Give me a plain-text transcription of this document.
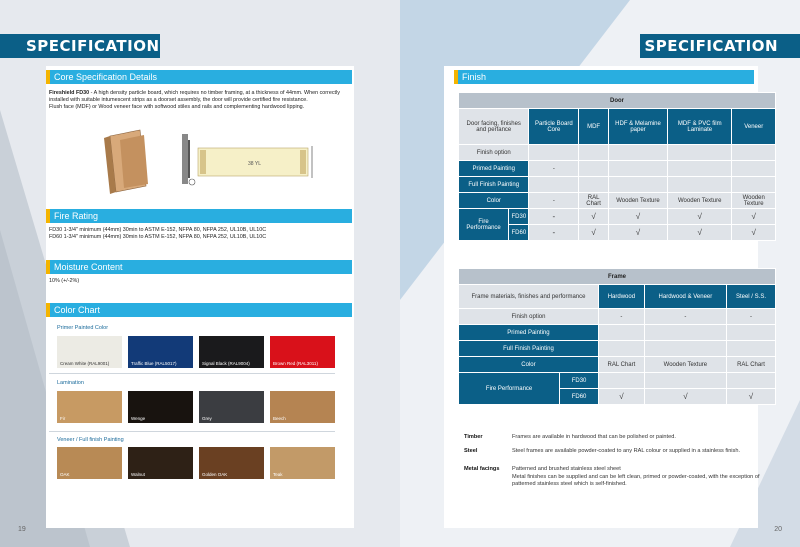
SPECIFICATION
Core Specification Details
Fireshield FD30 - A high density particle board, which requires no timber framing, at a thickness of 44mm. When correctly installed with suitable intumescent strips as a doorset assembly, the door will provide certified fire resistance.
Flush face (MDF) or Wood veneer face with softwood stiles and rails and complementing hardwood lipping.
38 YL
Fire Rating
FD30 1-3/4" minimum (44mm) 30min to ASTM E-152, NFPA 80, NFPA 252, UL10B, UL10C
FD60 1-3/4" minimum (44mm) 30min to ASTM E-152, NFPA 80, NFPA 252, UL10B, UL10C
Moisture Content
10% (+/-2%)
Color Chart
Primer Painted Color
Lamination
Veneer / Full finish Painting
19
Cream White (RAL9001)	Traffic Blue (RAL5017)	Signal Black (RAL9004)	Brown Red (RAL3011)
Fir	Wenge	Grey	Beech
OAK	Walnut	Golden OAK	Teak
SPECIFICATION
Finish
Door						
Door facing, finishes and perfance		Particle Board Core	MDF	HDF & Melamine paper	MDF & PVC film Laminate	Veneer
Finish option						
Primed Painting		-				
Full Finish Painting						
Color		-	RAL Chart	Wooden Texture	Wooden Texture	Wooden Texture
Fire Performance	FD30	-	√	√	√	√
	FD60	-	√	√	√	√
Frame				
Frame materials, finishes and performance		Hardwood	Hardwood & Veneer	Steel / S.S.
Finish option		-	-	-
Primed Painting				
Full Finish Painting				
Color		RAL Chart	Wooden Texture	RAL Chart
Fire Performance	FD30			
	FD60	√	√	√
20
Timber	Frames are available in hardwood that can be polished or painted.
Steel	Steel frames are available powder-coated to any RAL colour or supplied in a stainless finish.
Metal facings Patterned and brushed stainless steel sheet
Metal finishes can be supplied and can be left clean, primed or powder-coated, with the exception of patterned stainless steel which is self-finished.
